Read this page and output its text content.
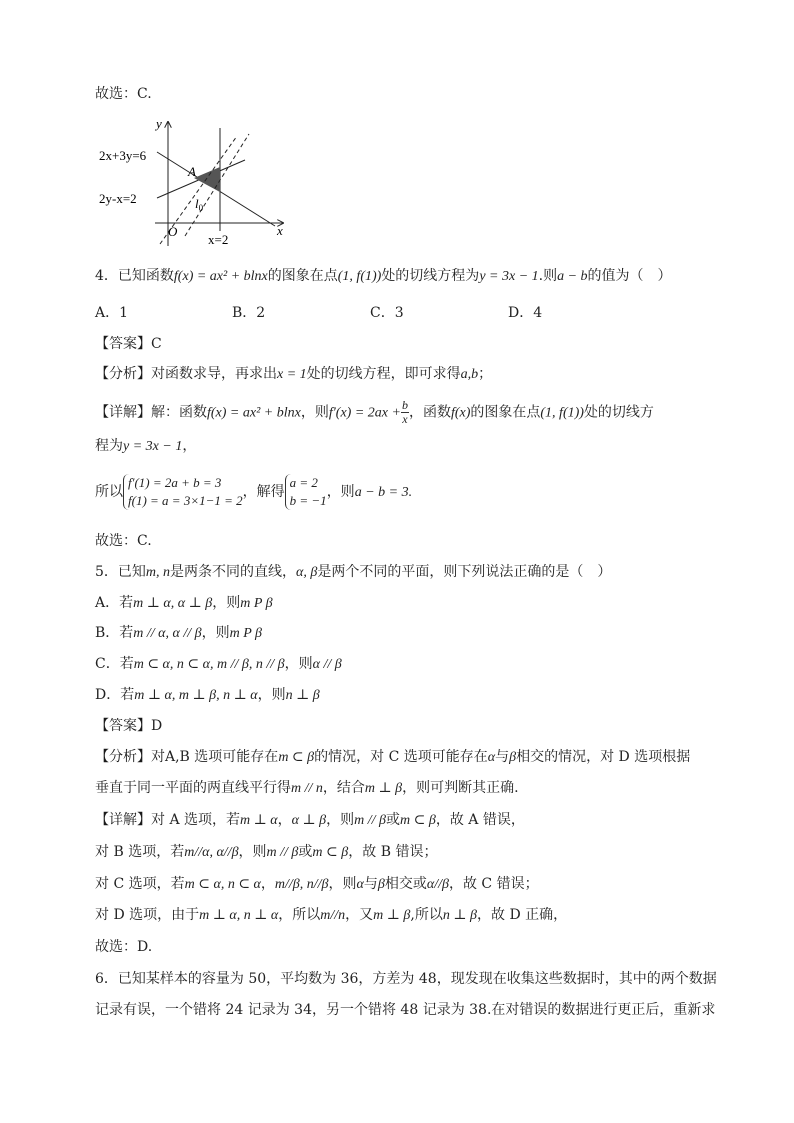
故选：C.
2x+3y=6
2y-x=2
A
$l_0$
O
x=2
x
y
4．已知函数f(x) = ax² + blnx的图象在点(1, f(1))处的切线方程为y = 3x − 1.则a − b的值为（　）
A．1	B．2	C．3	D．4
【答案】C
【分析】对函数求导，再求出x = 1处的切线方程，即可求得a,b；
【详解】解：函数f(x) = ax² + blnx，则$f'(x) = 2ax + \frac{b}{x}$ ，函数f(x)的图象在点(1, f(1))处的切线方
程为y = 3x − 1，
所以f′(1) = 2a + b = 3
f(1) = a = 3×1−1 = 2，解得a = 2
b = −1，则a − b = 3.
故选：C.
5．已知m, n是两条不同的直线，α, β是两个不同的平面，则下列说法正确的是（　）
A．若m ⊥ α, α ⊥ β，则m P β
B．若m // α, α // β，则m P β
C．若m ⊂ α, n ⊂ α, m // β, n // β，则α // β
D．若m ⊥ α, m ⊥ β, n ⊥ α，则n ⊥ β
【答案】D
【分析】对A,B 选项可能存在m ⊂ β的情况，对 C 选项可能存在α与β相交的情况，对 D 选项根据
垂直于同一平面的两直线平行得m // n，结合m ⊥ β，则可判断其正确.
【详解】对 A 选项，若m ⊥ α，α ⊥ β，则m // β或m ⊂ β，故 A 错误，
对 B 选项，若m//α, α//β，则m // β或m ⊂ β，故 B 错误；
对 C 选项，若m ⊂ α, n ⊂ α，m//β, n//β，则α与β相交或α//β，故 C 错误；
对 D 选项，由于m ⊥ α, n ⊥ α，所以m//n，又m ⊥ β,所以n ⊥ β，故 D 正确，
故选：D.
6．已知某样本的容量为 50，平均数为 36，方差为 48，现发现在收集这些数据时，其中的两个数据
记录有误，一个错将 24 记录为 34，另一个错将 48 记录为 38.在对错误的数据进行更正后，重新求
